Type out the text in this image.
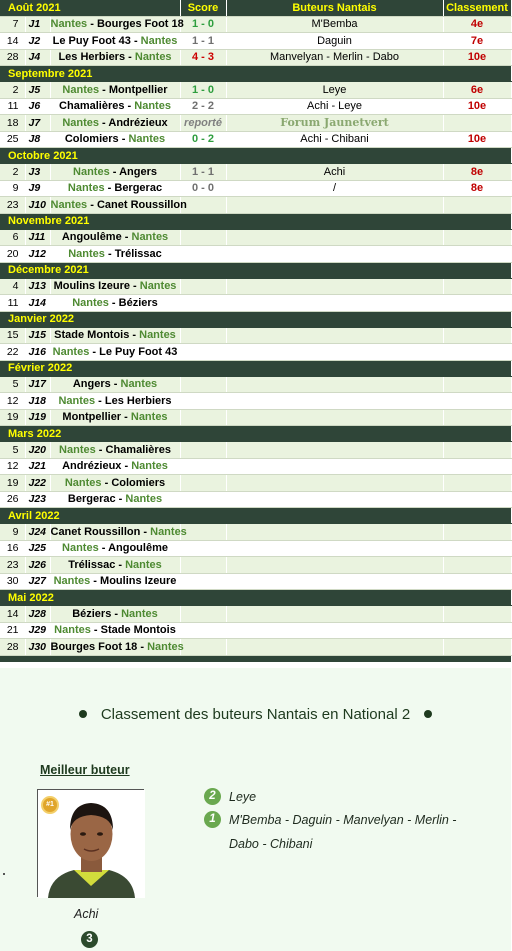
Août 2021			Score	Buteurs Nantais	Classement
7	J1	Nantes - Bourges Foot 18	1 - 0	M'Bemba	4e
14	J2	Le Puy Foot 43 - Nantes	1 - 1	Daguin	7e
28	J4	Les Herbiers - Nantes	4 - 3	Manvelyan - Merlin - Dabo	10e
Septembre 2021					
2	J5	Nantes - Montpellier	1 - 0	Leye	6e
11	J6	Chamalières - Nantes	2 - 2	Achi - Leye	10e
18	J7	Nantes - Andrézieux	reporté	Forum Jaunetvert	
25	J8	Colomiers - Nantes	0 - 2	Achi - Chibani	10e
Octobre 2021					
2	J3	Nantes - Angers	1 - 1	Achi	8e
9	J9	Nantes - Bergerac	0 - 0	/	8e
23	J10	Nantes - Canet Roussillon			
Novembre 2021					
6	J11	Angoulême - Nantes			
20	J12	Nantes - Trélissac			
Décembre 2021					
4	J13	Moulins Izeure - Nantes			
11	J14	Nantes - Béziers			
Janvier 2022					
15	J15	Stade Montois - Nantes			
22	J16	Nantes - Le Puy Foot 43			
Février 2022					
5	J17	Angers - Nantes			
12	J18	Nantes - Les Herbiers			
19	J19	Montpellier - Nantes			
Mars 2022					
5	J20	Nantes - Chamalières			
12	J21	Andrézieux - Nantes			
19	J22	Nantes - Colomiers			
26	J23	Bergerac - Nantes			
Avril 2022					
9	J24	Canet Roussillon - Nantes			
16	J25	Nantes - Angoulême			
23	J26	Trélissac - Nantes			
30	J27	Nantes - Moulins Izeure			
Mai 2022					
14	J28	Béziers - Nantes			
21	J29	Nantes - Stade Montois			
28	J30	Bourges Foot 18 - Nantes			

Classement des buteurs Nantais en National 2
Meilleur buteur
#1
Achi
3
2 Leye
1 M'Bemba - Daguin - Manvelyan - Merlin - Dabo - Chibani
